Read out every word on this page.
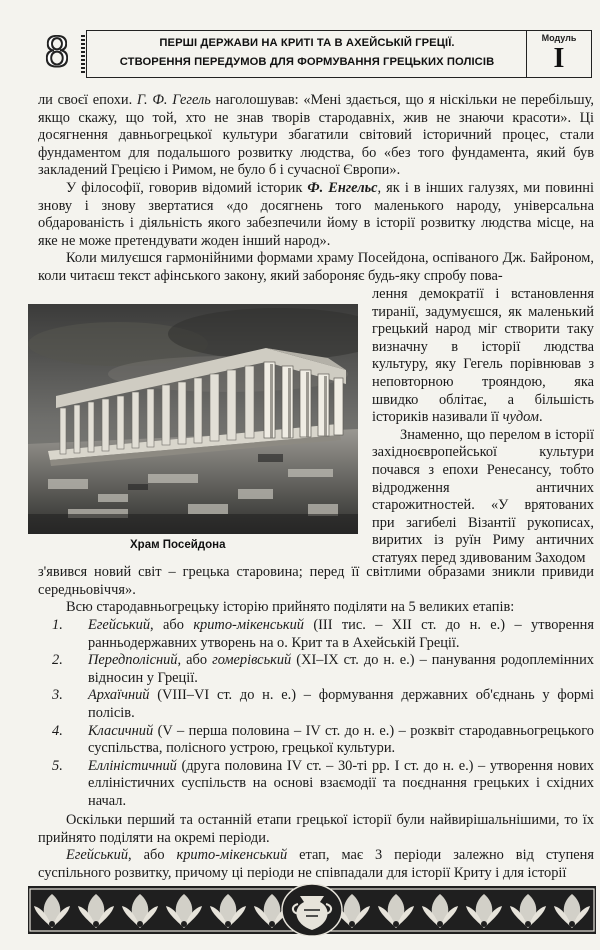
8	ПЕРШІ ДЕРЖАВИ НА КРИТІ ТА В АХЕЙСЬКІЙ ГРЕЦІЇ.
СТВОРЕННЯ ПЕРЕДУМОВ ДЛЯ ФОРМУВАННЯ ГРЕЦЬКИХ ПОЛІСІВ
Модуль
I

ли своєї епохи. Г. Ф. Гегель наголошував: «Мені здається, що я ніскільки не перебільшу, якщо скажу, що той, хто не знав творів стародавніх, жив не знаючи красоти». Ці досягнення давньогрецької культури збагатили світовий історичний процес, стали фундаментом для подальшого розвитку людства, бо «без того фундамента, який був закладений Грецією і Римом, не було б і сучасної Європи».

У філософії, говорив відомий історик Ф. Енгельс, як і в інших галузях, ми повинні знову і знову звертатися «до досягнень того маленького народу, універсальна обдарованість і діяльність якого забезпечили йому в історії розвитку людства місце, на яке не може претендувати жоден інший народ».

Коли милуєшся гармонійними формами храму Посейдона, оспіваного Дж. Байроном, коли читаєш текст афінського закону, який забороняє будь-яку спробу пова-

Храм Посейдона

лення демократії і встановлення тиранії, задумуєшся, як маленький грецький народ міг створити таку визначну в історії людства культуру, яку Гегель порівнював з неповторною трояндою, яка швидко облітає, а більшість істориків називали її чудом.

Знаменно, що перелом в історії західноєвропейської культури почався з епохи Ренесансу, тобто відродження античних старожитностей. «У врятованих при загибелі Візантії рукописах, виритих із руїн Риму античних статуях перед здивованим Заходом

з'явився новий світ – грецька старовина; перед її світлими образами зникли привиди середньовіччя».

Всю стародавньогрецьку історію прийнято поділяти на 5 великих етапів:

1. Егейський, або крито-мікенський (III тис. – XII ст. до н. е.) – утворення ранньодержавних утворень на о. Крит та в Ахейській Греції.
2. Передполісний, або гомерівський (XI–IX ст. до н. е.) – панування родоплемінних відносин у Греції.
3. Архаїчний (VIII–VI ст. до н. е.) – формування державних об'єднань у формі полісів.
4. Класичний (V – перша половина – IV ст. до н. е.) – розквіт стародавньогрецького суспільства, полісного устрою, грецької культури.
5. Елліністичний (друга половина IV ст. – 30-ті рр. I ст. до н. е.) – утворення нових елліністичних суспільств на основі взаємодії та поєднання грецьких і східних начал.

Оскільки перший та останній етапи грецької історії були найвирішальнішими, то їх прийнято поділяти на окремі періоди.

Егейський, або крито-мікенський етап, має 3 періоди залежно від ступеня суспільного розвитку, причому ці періоди не співпадали для історії Криту і для історії
